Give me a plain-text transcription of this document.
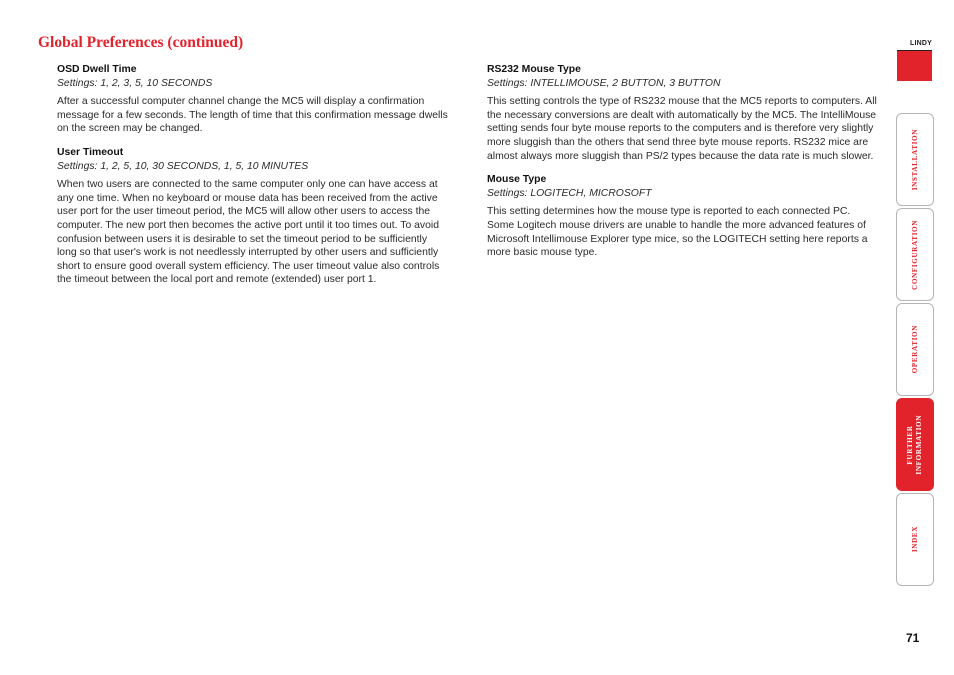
Global Preferences (continued)

OSD Dwell Time

Settings: 1, 2, 3, 5, 10 SECONDS

After a successful computer channel change the MC5 will display a confirmation message for a few seconds. The length of time that this confirmation message dwells on the screen may be changed.

User Timeout

Settings: 1, 2, 5, 10, 30 SECONDS, 1, 5, 10 MINUTES

When two users are connected to the same computer only one can have access at any one time. When no keyboard or mouse data has been received from the active user port for the user timeout period, the MC5 will allow other users to access the computer. The new port then becomes the active port until it too times out. To avoid confusion between users it is desirable to set the timeout period to be sufficiently long so that user's work is not needlessly interrupted by other users and sufficiently short to ensure good overall system efficiency. The user timeout value also controls the timeout between the local port and remote (extended) user port 1.

RS232 Mouse Type

Settings: INTELLIMOUSE, 2 BUTTON, 3 BUTTON

This setting controls the type of RS232 mouse that the MC5 reports to computers. All the necessary conversions are dealt with automatically by the MC5. The IntelliMouse setting sends four byte mouse reports to the computers and is therefore very slightly more sluggish than the others that send three byte mouse reports. RS232 mice are almost always more sluggish than PS/2 types because the data rate is much slower.

Mouse Type

Settings: LOGITECH, MICROSOFT

This setting determines how the mouse type is reported to each connected PC. Some Logitech mouse drivers are unable to handle the more advanced features of Microsoft Intellimouse Explorer type mice, so the LOGITECH setting here reports a more basic mouse type.

LINDY
INSTALLATION
CONFIGURATION
OPERATION
FURTHER
INFORMATION
INDEX
71
